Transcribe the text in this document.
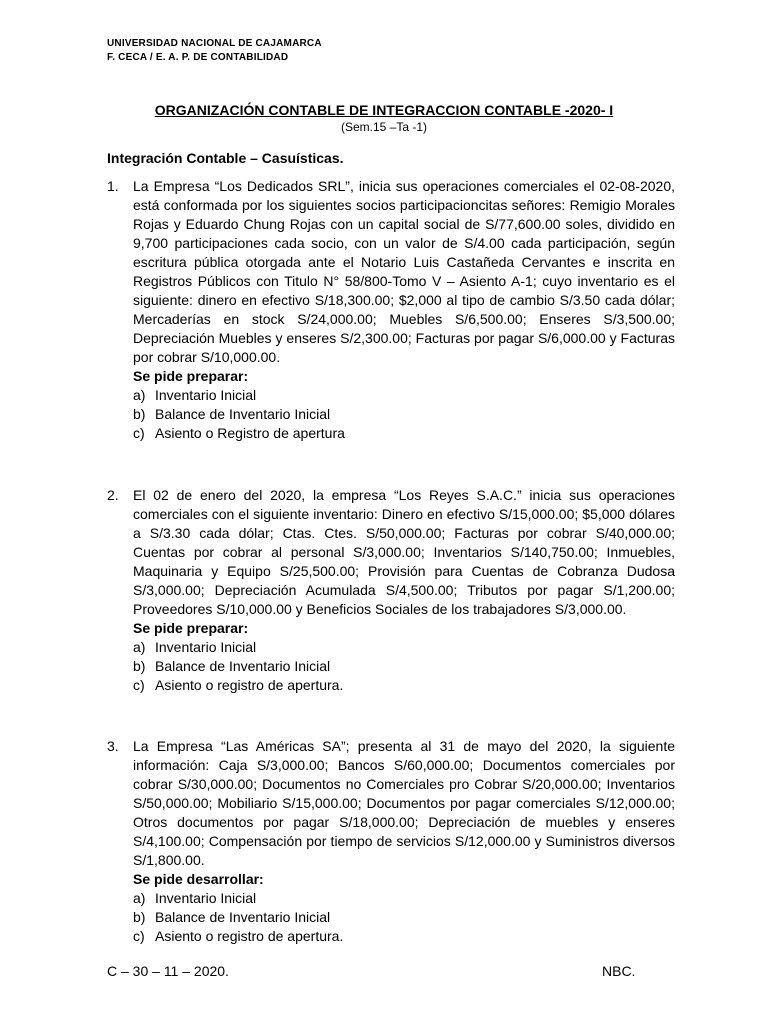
UNIVERSIDAD NACIONAL DE CAJAMARCA
F. CECA / E. A. P. DE CONTABILIDAD
ORGANIZACIÓN CONTABLE DE INTEGRACCION CONTABLE -2020- I
(Sem.15 –Ta -1)
Integración Contable – Casuísticas.
1. La Empresa “Los Dedicados SRL”, inicia sus operaciones comerciales el 02-08-2020, está conformada por los siguientes socios participacioncitas señores: Remigio Morales Rojas y Eduardo Chung Rojas con un capital social de S/77,600.00 soles, dividido en 9,700 participaciones cada socio, con un valor de S/4.00 cada participación, según escritura pública otorgada ante el Notario Luis Castañeda Cervantes e inscrita en Registros Públicos con Titulo N° 58/800-Tomo V – Asiento A-1; cuyo inventario es el siguiente: dinero en efectivo S/18,300.00; $2,000 al tipo de cambio S/3.50 cada dólar; Mercaderías en stock S/24,000.00; Muebles S/6,500.00; Enseres S/3,500.00; Depreciación Muebles y enseres S/2,300.00; Facturas por pagar S/6,000.00 y Facturas por cobrar S/10,000.00.

Se pide preparar:

a) Inventario Inicial

b) Balance de Inventario Inicial

c) Asiento o Registro de apertura

2. El 02 de enero del 2020, la empresa “Los Reyes S.A.C.” inicia sus operaciones comerciales con el siguiente inventario: Dinero en efectivo S/15,000.00; $5,000 dólares a S/3.30 cada dólar; Ctas. Ctes. S/50,000.00; Facturas por cobrar S/40,000.00; Cuentas por cobrar al personal S/3,000.00; Inventarios S/140,750.00; Inmuebles, Maquinaria y Equipo S/25,500.00; Provisión para Cuentas de Cobranza Dudosa S/3,000.00; Depreciación Acumulada S/4,500.00; Tributos por pagar S/1,200.00; Proveedores S/10,000.00 y Beneficios Sociales de los trabajadores S/3,000.00.

Se pide preparar:

a) Inventario Inicial

b) Balance de Inventario Inicial

c) Asiento o registro de apertura.

3. La Empresa “Las Américas SA”; presenta al 31 de mayo del 2020, la siguiente información: Caja S/3,000.00; Bancos S/60,000.00; Documentos comerciales por cobrar S/30,000.00; Documentos no Comerciales pro Cobrar S/20,000.00; Inventarios S/50,000.00; Mobiliario S/15,000.00; Documentos por pagar comerciales S/12,000.00; Otros documentos por pagar S/18,000.00; Depreciación de muebles y enseres S/4,100.00; Compensación por tiempo de servicios S/12,000.00 y Suministros diversos S/1,800.00.

Se pide desarrollar:

a) Inventario Inicial

b) Balance de Inventario Inicial

c) Asiento o registro de apertura.

C – 30 – 11 – 2020.	NBC.
